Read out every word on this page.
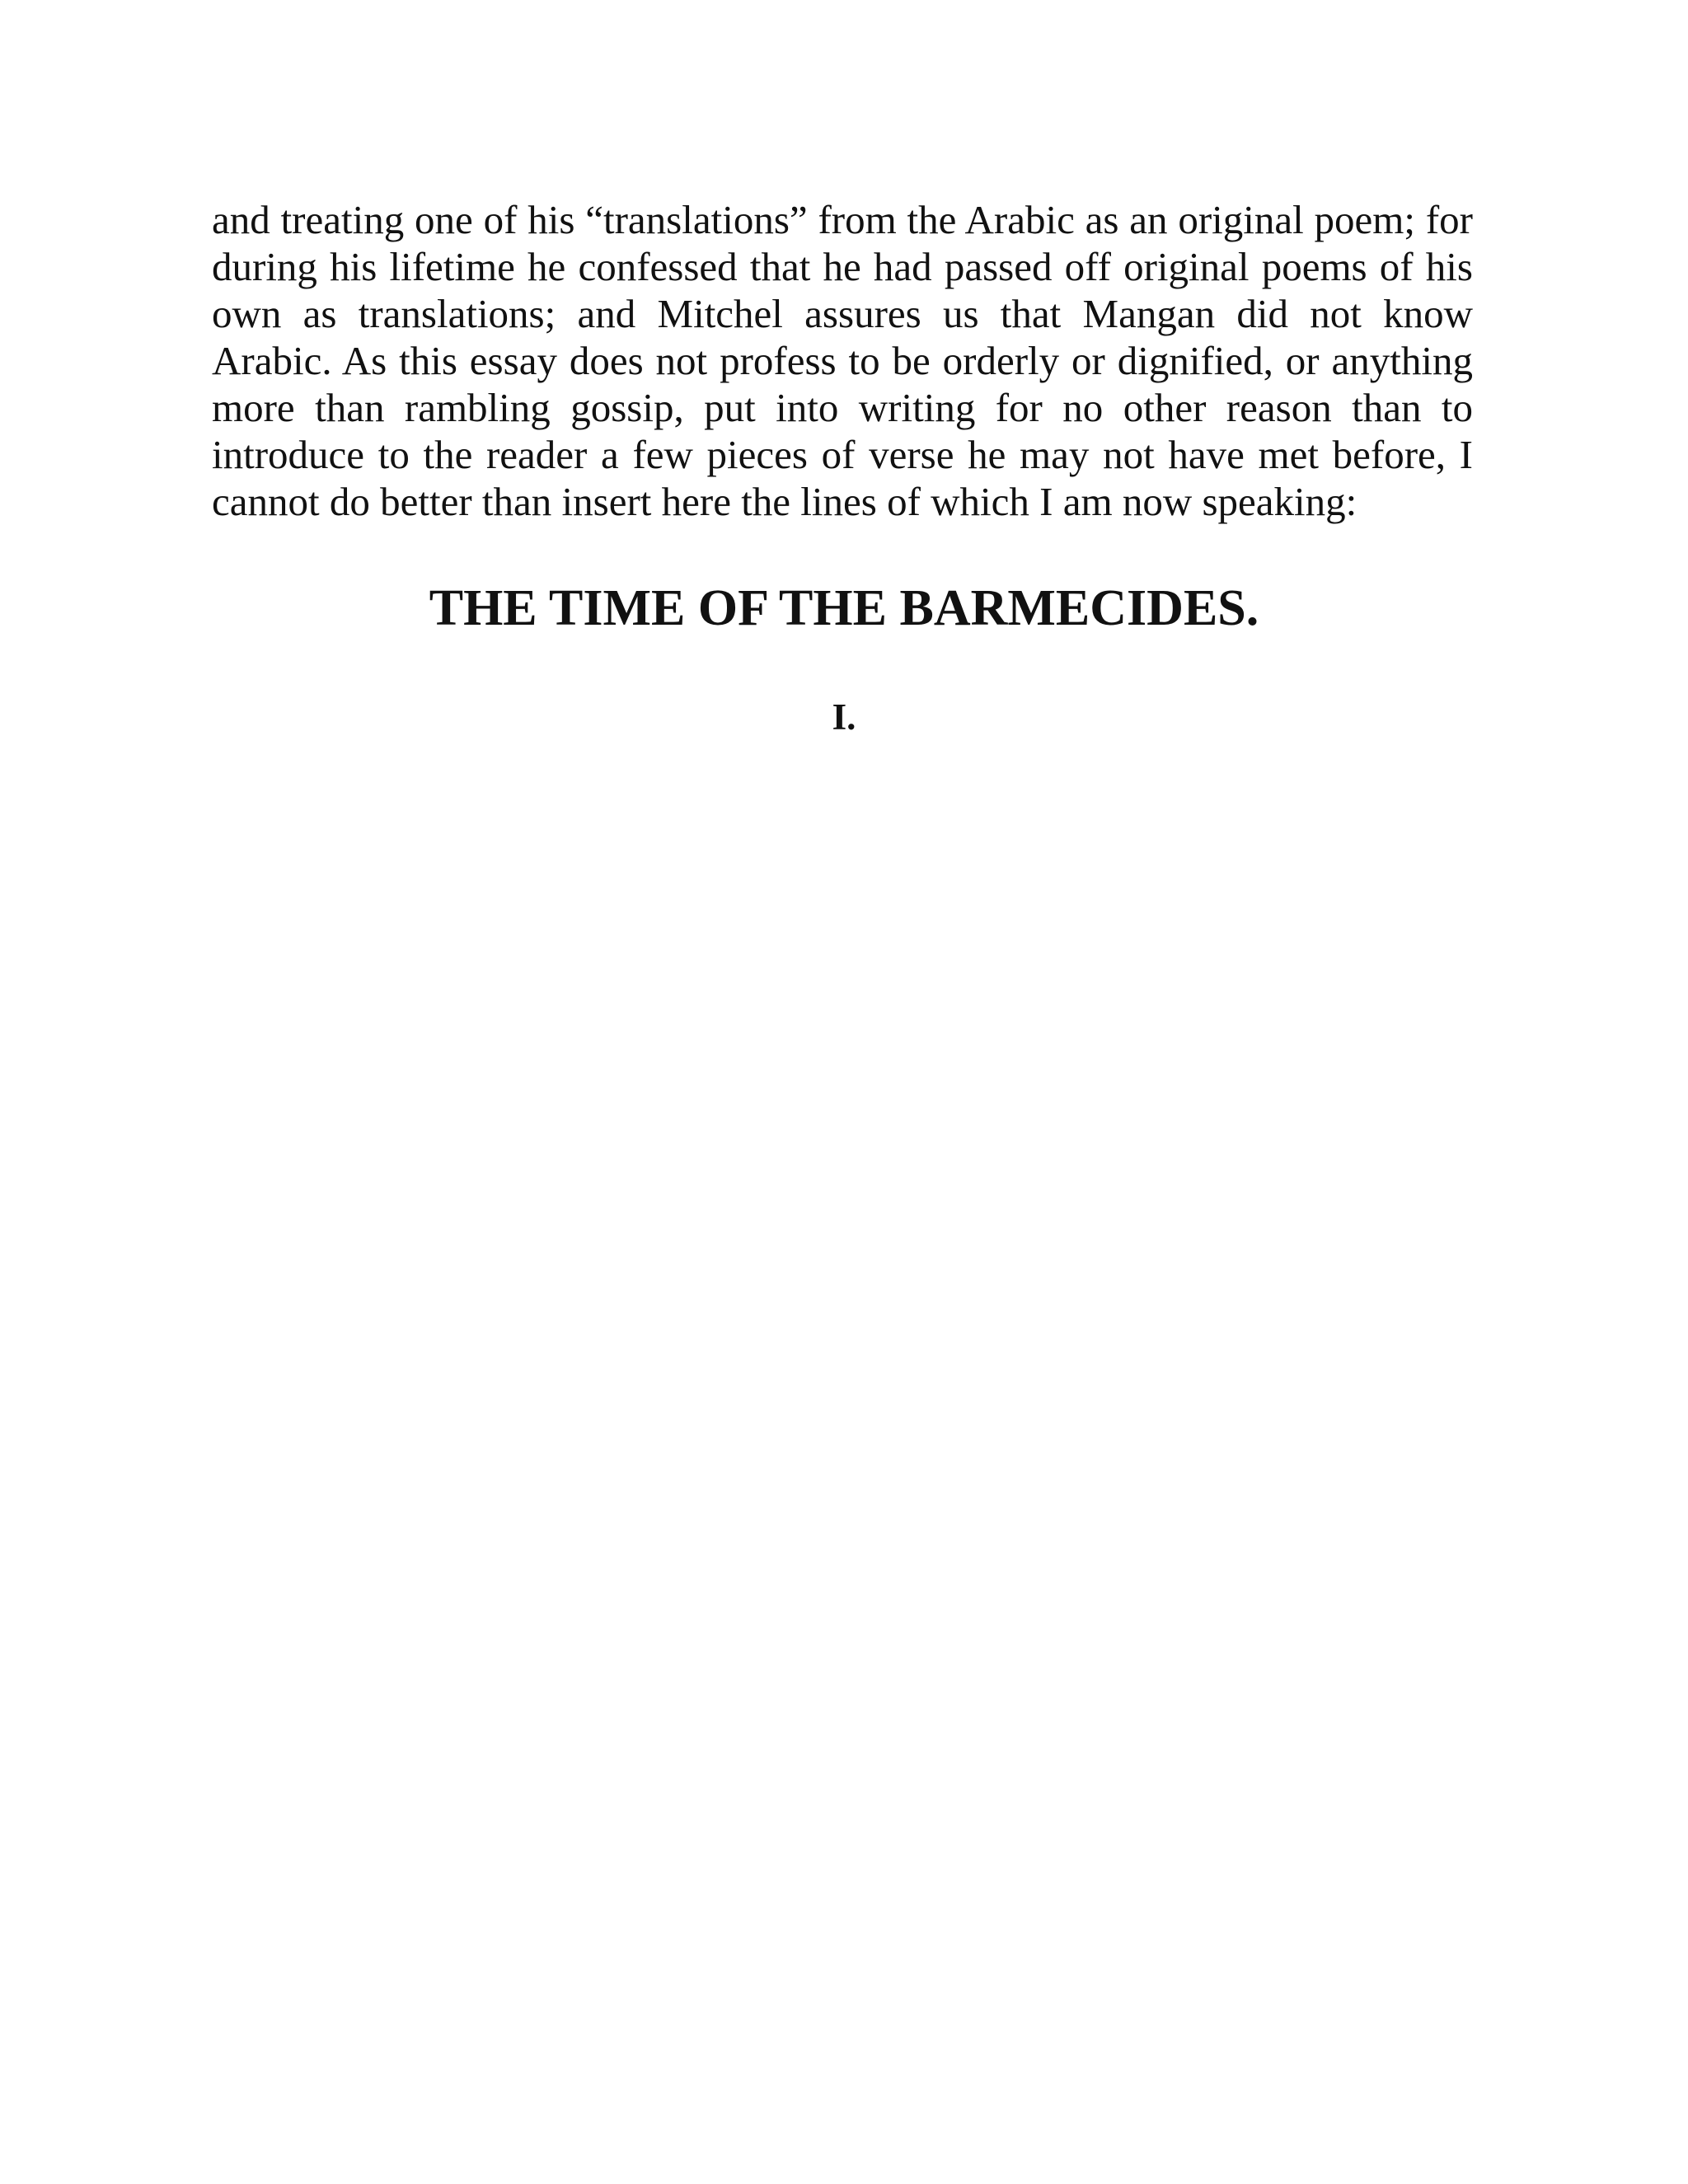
and treating one of his “translations” from the Arabic as an original poem; for during his lifetime he confessed that he had passed off original poems of his own as translations; and Mitchel assures us that Mangan did not know Arabic. As this essay does not profess to be orderly or dignified, or anything more than rambling gossip, put into writing for no other reason than to introduce to the reader a few pieces of verse he may not have met before, I cannot do better than insert here the lines of which I am now speaking:

THE TIME OF THE BARMECIDES.
I.
